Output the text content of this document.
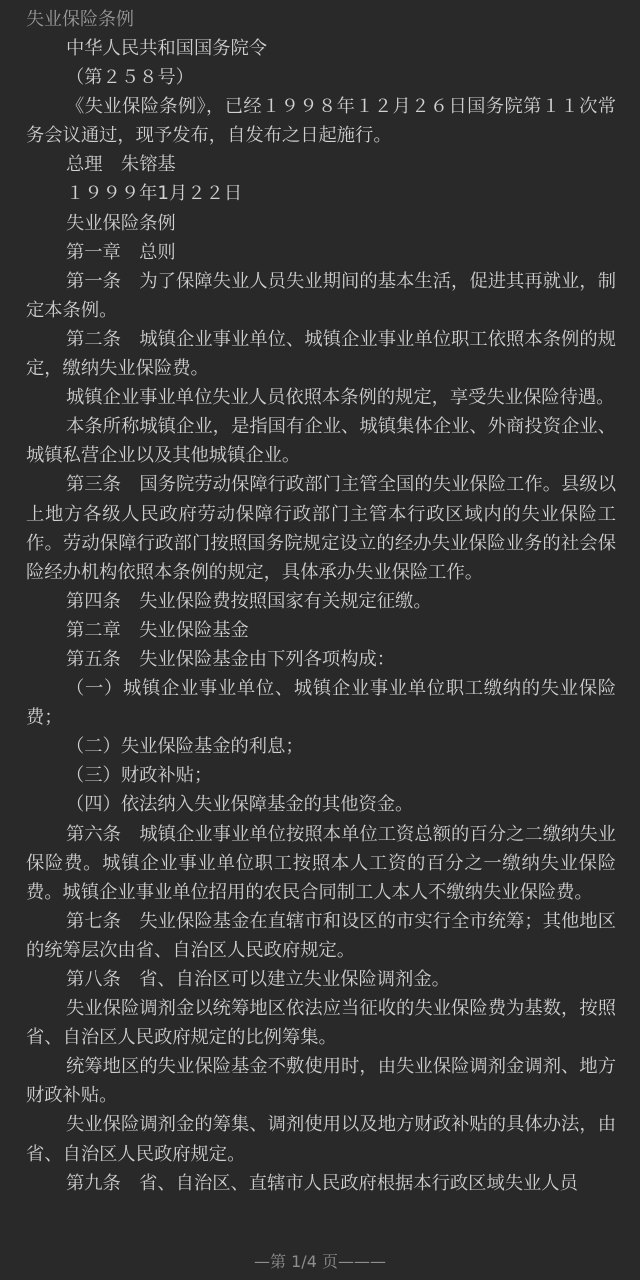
失业保险条例

中华人民共和国国务院令

（第２５８号）

《失业保险条例》，已经１９９８年１２月２６日国务院第１１次常务会议通过，现予发布，自发布之日起施行。

总理　朱镕基

１９９９年1月２２日

失业保险条例

第一章　总则

第一条　为了保障失业人员失业期间的基本生活，促进其再就业，制定本条例。

第二条　城镇企业事业单位、城镇企业事业单位职工依照本条例的规定，缴纳失业保险费。

城镇企业事业单位失业人员依照本条例的规定，享受失业保险待遇。

本条所称城镇企业，是指国有企业、城镇集体企业、外商投资企业、城镇私营企业以及其他城镇企业。

第三条　国务院劳动保障行政部门主管全国的失业保险工作。县级以上地方各级人民政府劳动保障行政部门主管本行政区域内的失业保险工作。劳动保障行政部门按照国务院规定设立的经办失业保险业务的社会保险经办机构依照本条例的规定，具体承办失业保险工作。

第四条　失业保险费按照国家有关规定征缴。

第二章　失业保险基金

第五条　失业保险基金由下列各项构成：

（一）城镇企业事业单位、城镇企业事业单位职工缴纳的失业保险费；

（二）失业保险基金的利息；

（三）财政补贴；

（四）依法纳入失业保障基金的其他资金。

第六条　城镇企业事业单位按照本单位工资总额的百分之二缴纳失业保险费。城镇企业事业单位职工按照本人工资的百分之一缴纳失业保险费。城镇企业事业单位招用的农民合同制工人本人不缴纳失业保险费。

第七条　失业保险基金在直辖市和设区的市实行全市统筹；其他地区的统筹层次由省、自治区人民政府规定。

第八条　省、自治区可以建立失业保险调剂金。

失业保险调剂金以统筹地区依法应当征收的失业保险费为基数，按照省、自治区人民政府规定的比例筹集。

统筹地区的失业保险基金不敷使用时，由失业保险调剂金调剂、地方财政补贴。

失业保险调剂金的筹集、调剂使用以及地方财政补贴的具体办法，由省、自治区人民政府规定。

第九条　省、自治区、直辖市人民政府根据本行政区域失业人员

—第 1/4 页———
